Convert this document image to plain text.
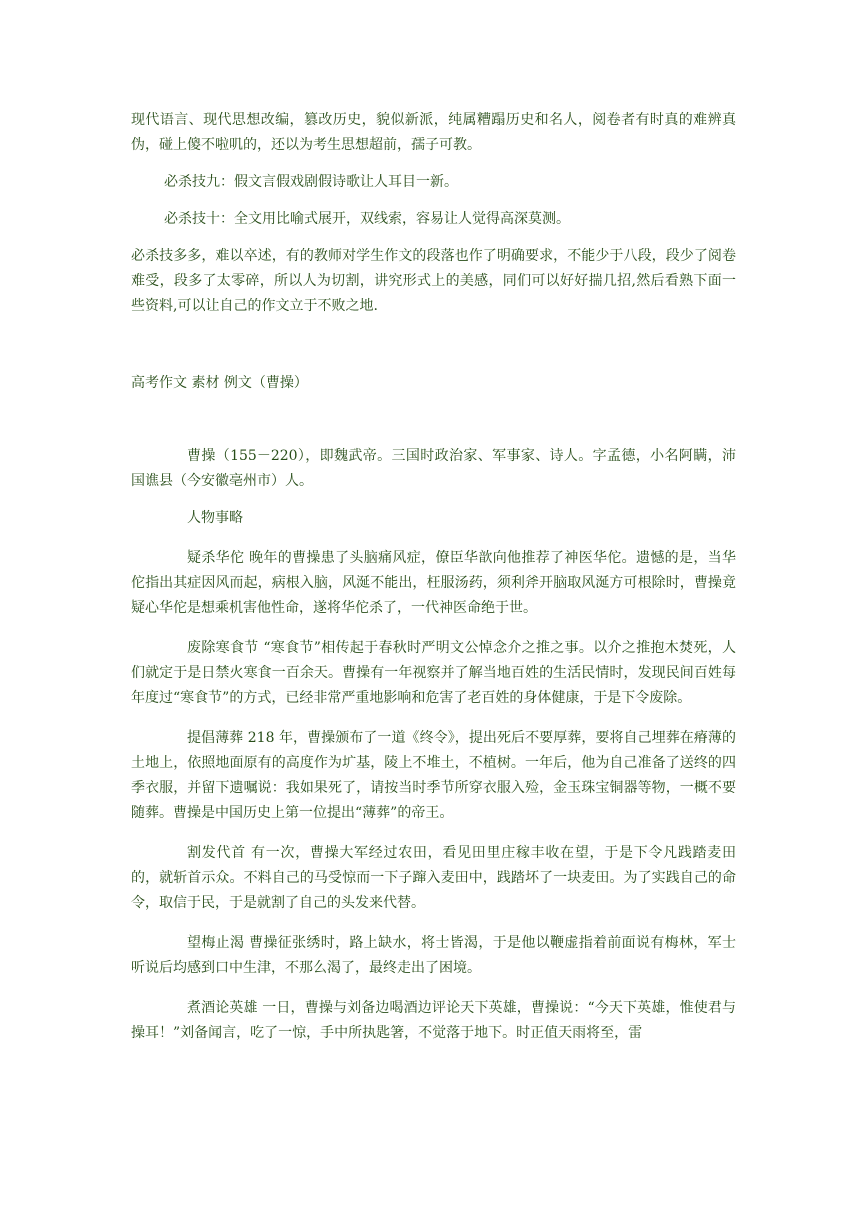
现代语言、现代思想改编，篡改历史，貌似新派，纯属糟蹋历史和名人，阅卷者有时真的难辨真伪，碰上傻不啦叽的，还以为考生思想超前，孺子可教。

必杀技九：假文言假戏剧假诗歌让人耳目一新。

必杀技十：全文用比喻式展开，双线索，容易让人觉得高深莫测。

必杀技多多，难以卒述，有的教师对学生作文的段落也作了明确要求，不能少于八段，段少了阅卷难受，段多了太零碎，所以人为切割，讲究形式上的美感，同们可以好好揣几招,然后看熟下面一些资料,可以让自己的作文立于不败之地.

高考作文 素材 例文（曹操）

曹操（155－220），即魏武帝。三国时政治家、军事家、诗人。字孟德，小名阿瞒，沛国谯县（今安徽亳州市）人。

人物事略

疑杀华佗 晚年的曹操患了头脑痛风症，僚臣华歆向他推荐了神医华佗。遗憾的是，当华佗指出其症因风而起，病根入脑，风涎不能出，枉服汤药，须利斧开脑取风涎方可根除时，曹操竟疑心华佗是想乘机害他性命，遂将华佗杀了，一代神医命绝于世。

废除寒食节 “寒食节”相传起于春秋时严明文公悼念介之推之事。以介之推抱木焚死，人们就定于是日禁火寒食一百余天。曹操有一年视察并了解当地百姓的生活民情时，发现民间百姓每年度过“寒食节”的方式，已经非常严重地影响和危害了老百姓的身体健康，于是下令废除。

提倡薄葬 218 年，曹操颁布了一道《终令》，提出死后不要厚葬，要将自己埋葬在瘠薄的土地上，依照地面原有的高度作为圹基，陵上不堆土，不植树。一年后，他为自己准备了送终的四季衣服，并留下遗嘱说：我如果死了，请按当时季节所穿衣服入殓，金玉珠宝铜器等物，一概不要随葬。曹操是中国历史上第一位提出“薄葬”的帝王。

割发代首 有一次，曹操大军经过农田，看见田里庄稼丰收在望，于是下令凡践踏麦田的，就斩首示众。不料自己的马受惊而一下子蹿入麦田中，践踏坏了一块麦田。为了实践自己的命令，取信于民，于是就割了自己的头发来代替。

望梅止渴 曹操征张绣时，路上缺水，将士皆渴，于是他以鞭虚指着前面说有梅林，军士听说后均感到口中生津，不那么渴了，最终走出了困境。

煮酒论英雄 一日，曹操与刘备边喝酒边评论天下英雄，曹操说：“今天下英雄，惟使君与操耳！”刘备闻言，吃了一惊，手中所执匙箸，不觉落于地下。时正值天雨将至，雷
